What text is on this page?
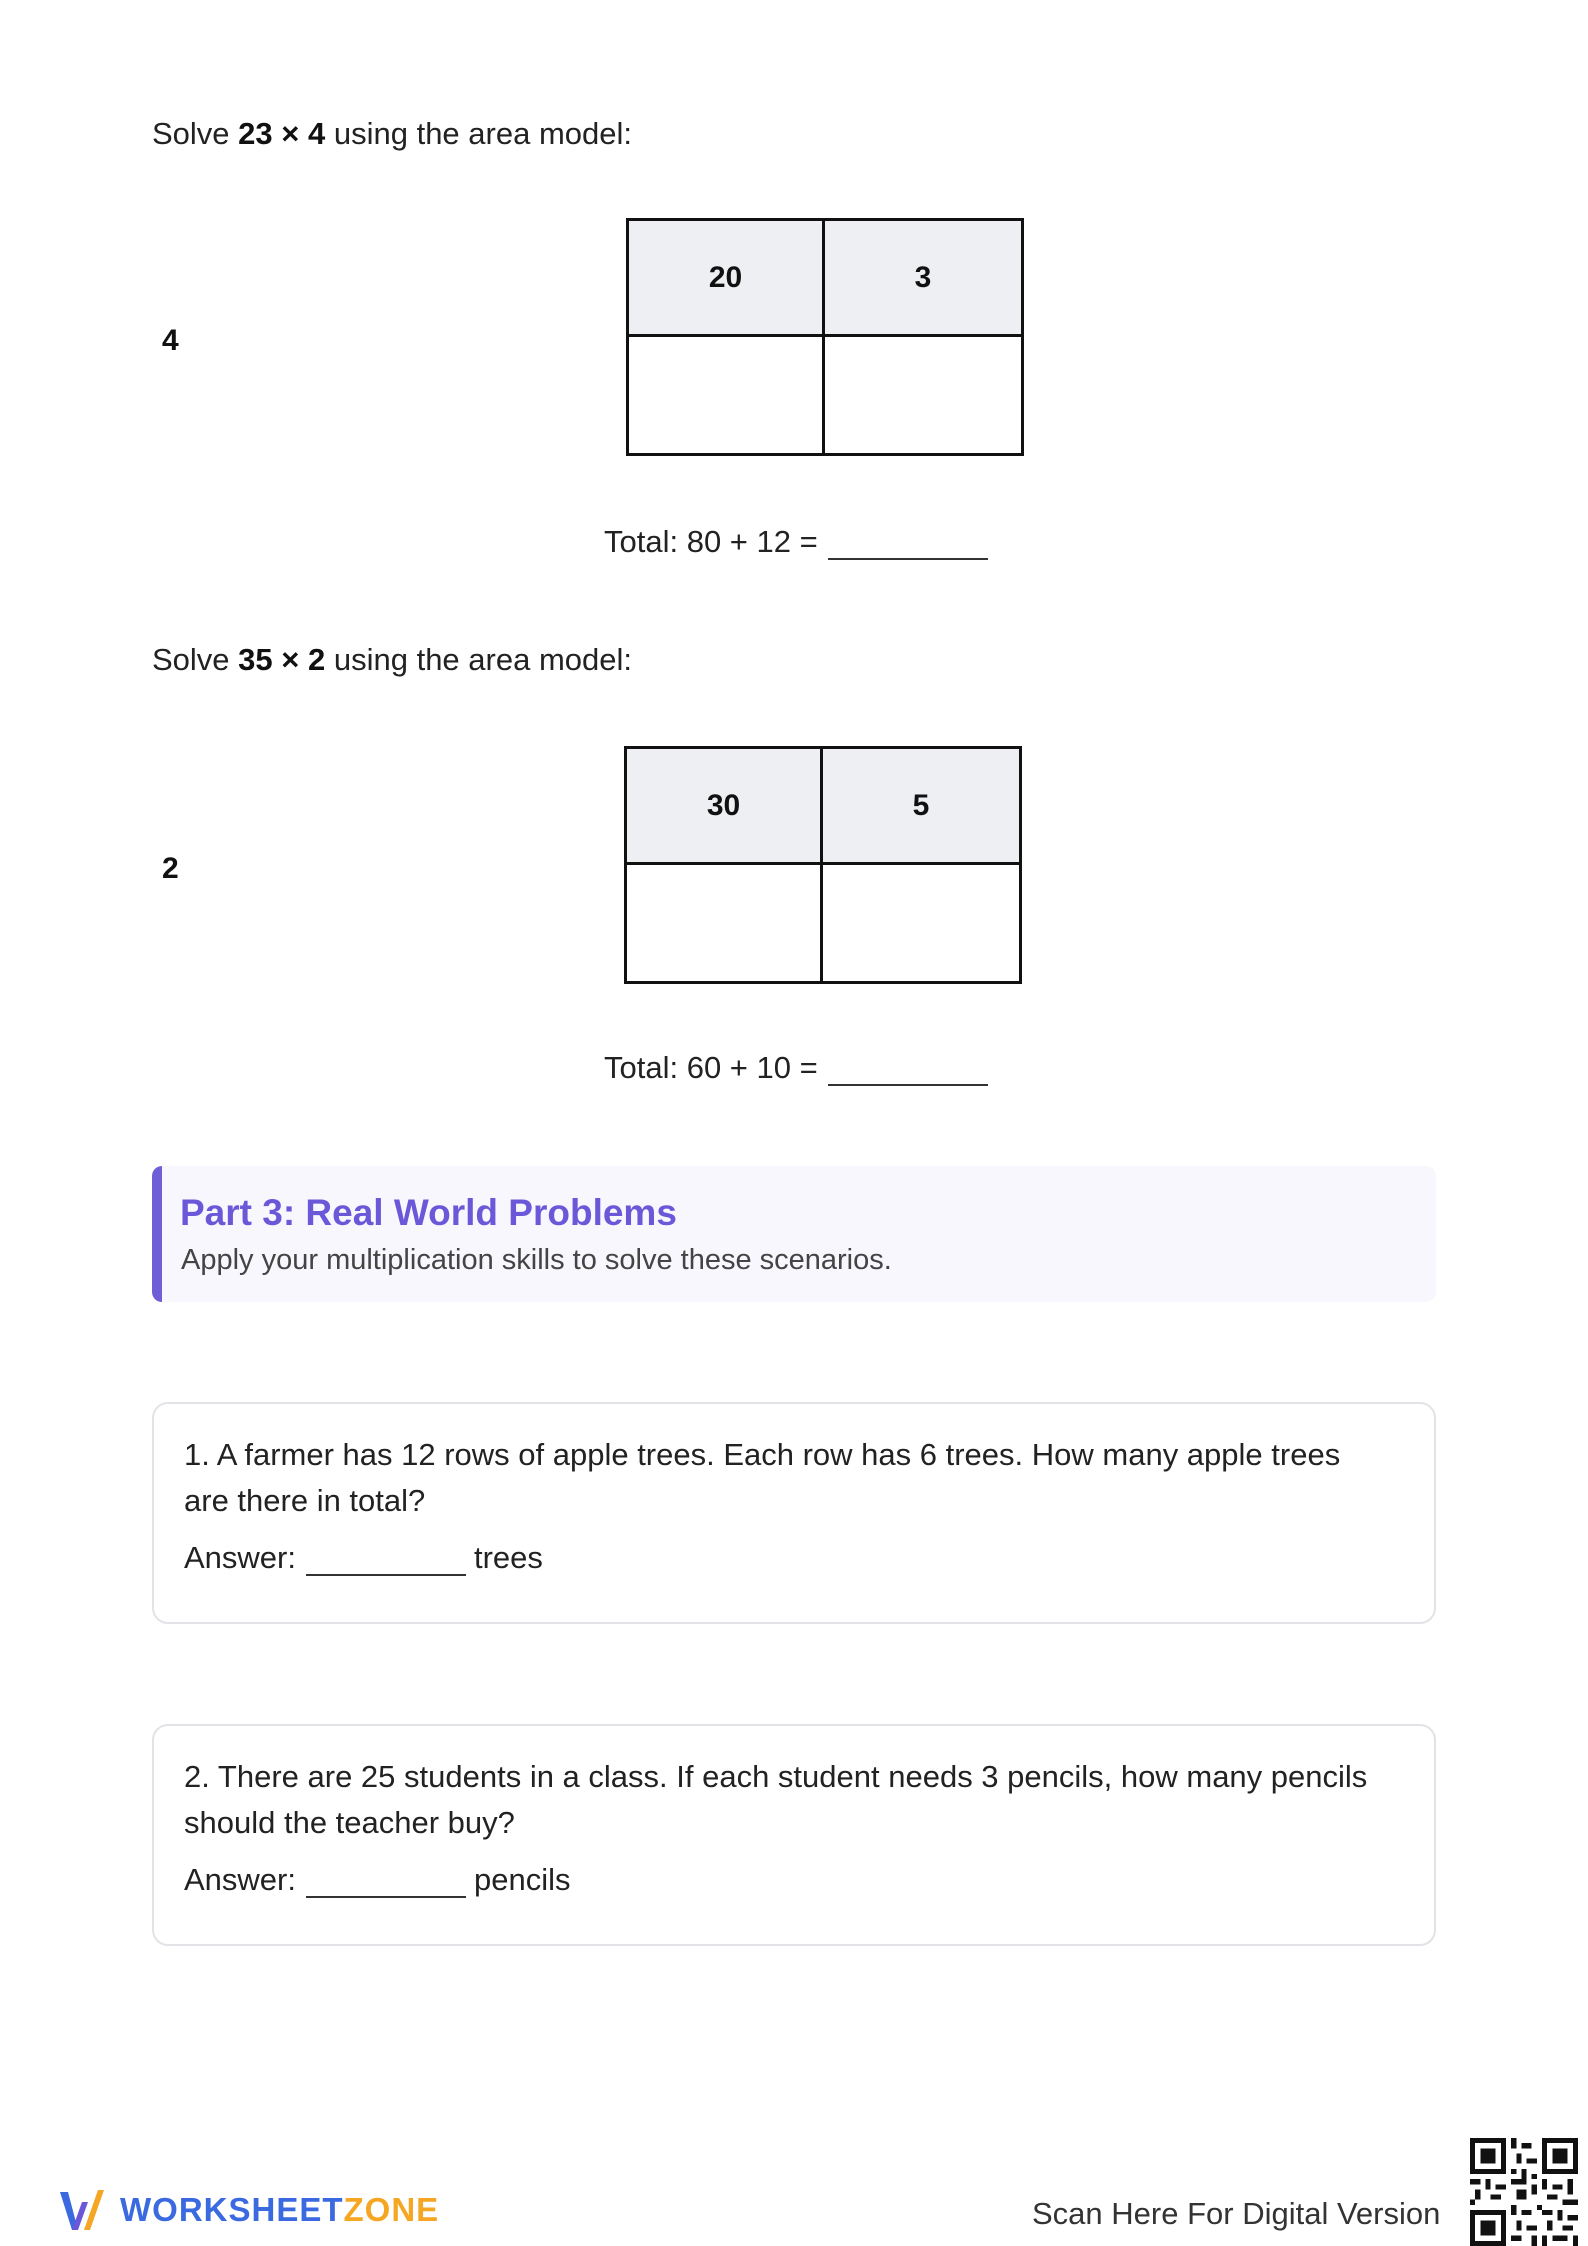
Solve 23 × 4 using the area model:
4
20	3
Total: 80 + 12 =
Solve 35 × 2 using the area model:
2
30	5
Total: 60 + 10 =
Part 3: Real World Problems
Apply your multiplication skills to solve these scenarios.
1. A farmer has 12 rows of apple trees. Each row has 6 trees. How many apple trees are there in total?
Answer:	trees
2. There are 25 students in a class. If each student needs 3 pencils, how many pencils should the teacher buy?
Answer:	pencils
WORKSHEETZONE	Scan Here For Digital Version
